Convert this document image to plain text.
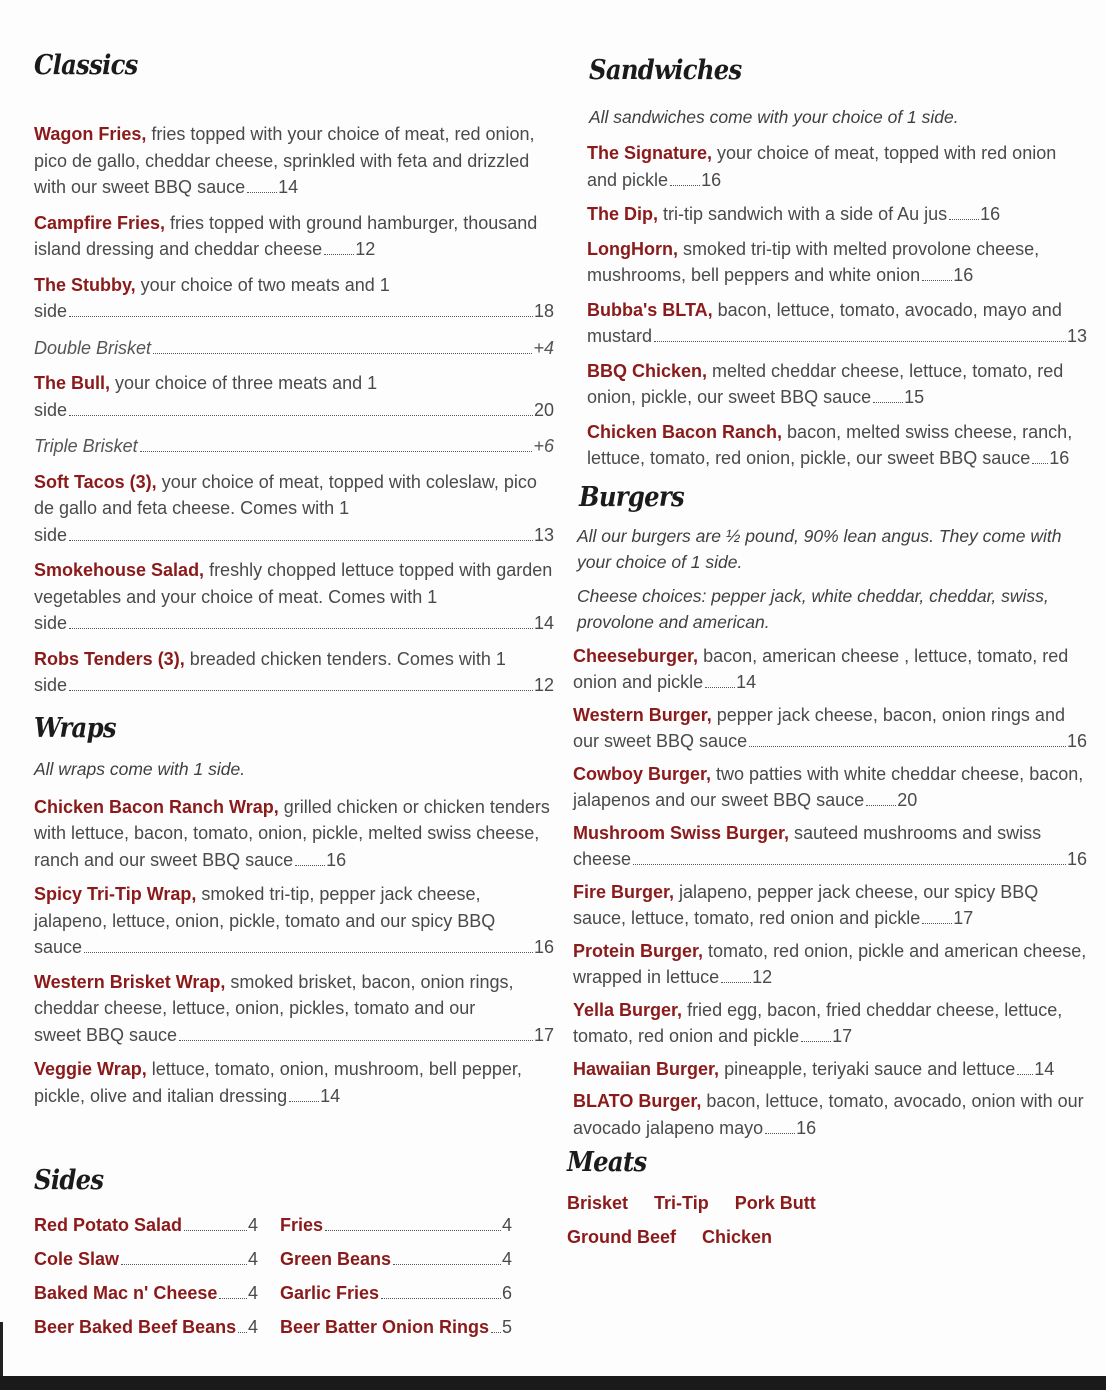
Classics
Wagon Fries, fries topped with your choice of meat, red onion, pico de gallo, cheddar cheese, sprinkled with feta and drizzled with our sweet BBQ sauce 14
Campfire Fries, fries topped with ground hamburger, thousand island dressing and cheddar cheese 12
The Stubby, your choice of two meats and 1
side	18
Double Brisket	+4
The Bull, your choice of three meats and 1
side	20
Triple Brisket	+6
Soft Tacos (3), your choice of meat, topped with coleslaw, pico de gallo and feta cheese. Comes with 1
side	13
Smokehouse Salad, freshly chopped lettuce topped with garden vegetables and your choice of meat. Comes with 1
side	14
Robs Tenders (3), breaded chicken tenders. Comes with 1
side	12
Wraps
All wraps come with 1 side.
Chicken Bacon Ranch Wrap, grilled chicken or chicken tenders with lettuce, bacon, tomato, onion, pickle, melted swiss cheese, ranch and our sweet BBQ sauce 16
Spicy Tri-Tip Wrap, smoked tri-tip, pepper jack cheese, jalapeno, lettuce, onion, pickle, tomato and our spicy BBQ
sauce	16
Western Brisket Wrap, smoked brisket, bacon, onion rings, cheddar cheese, lettuce, onion, pickles, tomato and our
sweet BBQ sauce	17
Veggie Wrap, lettuce, tomato, onion, mushroom, bell pepper, pickle, olive and italian dressing 14
Sides
Red Potato Salad	4 Fries	4
Cole Slaw	4 Green Beans	4
Baked Mac n' Cheese 4 Garlic Fries	6
Beer Baked Beef Beans 4 Beer Batter Onion Rings 5
Sandwiches
All sandwiches come with your choice of 1 side.
The Signature, your choice of meat, topped with red onion and pickle 16
The Dip, tri-tip sandwich with a side of Au jus 16
LongHorn, smoked tri-tip with melted provolone cheese, mushrooms, bell peppers and white onion 16
Bubba's BLTA, bacon, lettuce, tomato, avocado, mayo and
mustard	13
BBQ Chicken, melted cheddar cheese, lettuce, tomato, red onion, pickle, our sweet BBQ sauce 15
Chicken Bacon Ranch, bacon, melted swiss cheese, ranch, lettuce, tomato, red onion, pickle, our sweet BBQ sauce 16
Burgers
All our burgers are ½ pound, 90% lean angus. They come with your choice of 1 side.
Cheese choices: pepper jack, white cheddar, cheddar, swiss, provolone and american.
Cheeseburger, bacon, american cheese , lettuce, tomato, red onion and pickle 14
Western Burger, pepper jack cheese, bacon, onion rings and
our sweet BBQ sauce	16
Cowboy Burger, two patties with white cheddar cheese, bacon, jalapenos and our sweet BBQ sauce 20
Mushroom Swiss Burger, sauteed mushrooms and swiss
cheese	16
Fire Burger, jalapeno, pepper jack cheese, our spicy BBQ sauce, lettuce, tomato, red onion and pickle 17
Protein Burger, tomato, red onion, pickle and american cheese, wrapped in lettuce 12
Yella Burger, fried egg, bacon, fried cheddar cheese, lettuce, tomato, red onion and pickle 17
Hawaiian Burger, pineapple, teriyaki sauce and lettuce 14
BLATO Burger, bacon, lettuce, tomato, avocado, onion with our avocado jalapeno mayo 16
Meats
Brisket Tri-Tip Pork Butt
Ground Beef Chicken
